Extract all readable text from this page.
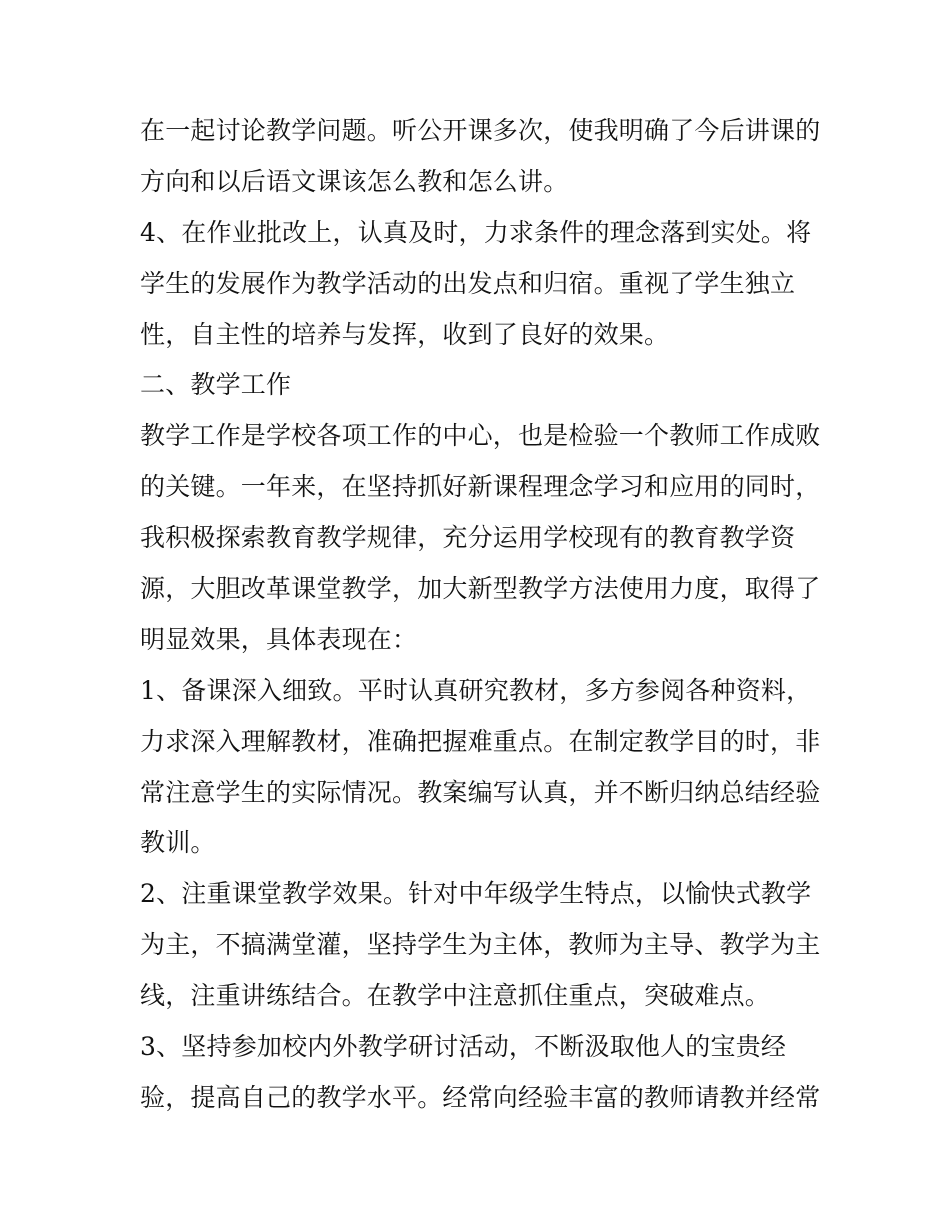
在一起讨论教学问题。听公开课多次，使我明确了今后讲课的
方向和以后语文课该怎么教和怎么讲。
4、在作业批改上，认真及时，力求条件的理念落到实处。将
学生的发展作为教学活动的出发点和归宿。重视了学生独立
性，自主性的培养与发挥，收到了良好的效果。
二、教学工作
教学工作是学校各项工作的中心，也是检验一个教师工作成败
的关键。一年来，在坚持抓好新课程理念学习和应用的同时，
我积极探索教育教学规律，充分运用学校现有的教育教学资
源，大胆改革课堂教学，加大新型教学方法使用力度，取得了
明显效果，具体表现在：
1、备课深入细致。平时认真研究教材，多方参阅各种资料，
力求深入理解教材，准确把握难重点。在制定教学目的时，非
常注意学生的实际情况。教案编写认真，并不断归纳总结经验
教训。
2、注重课堂教学效果。针对中年级学生特点，以愉快式教学
为主，不搞满堂灌，坚持学生为主体，教师为主导、教学为主
线，注重讲练结合。在教学中注意抓住重点，突破难点。
3、坚持参加校内外教学研讨活动，不断汲取他人的宝贵经
验，提高自己的教学水平。经常向经验丰富的教师请教并经常
